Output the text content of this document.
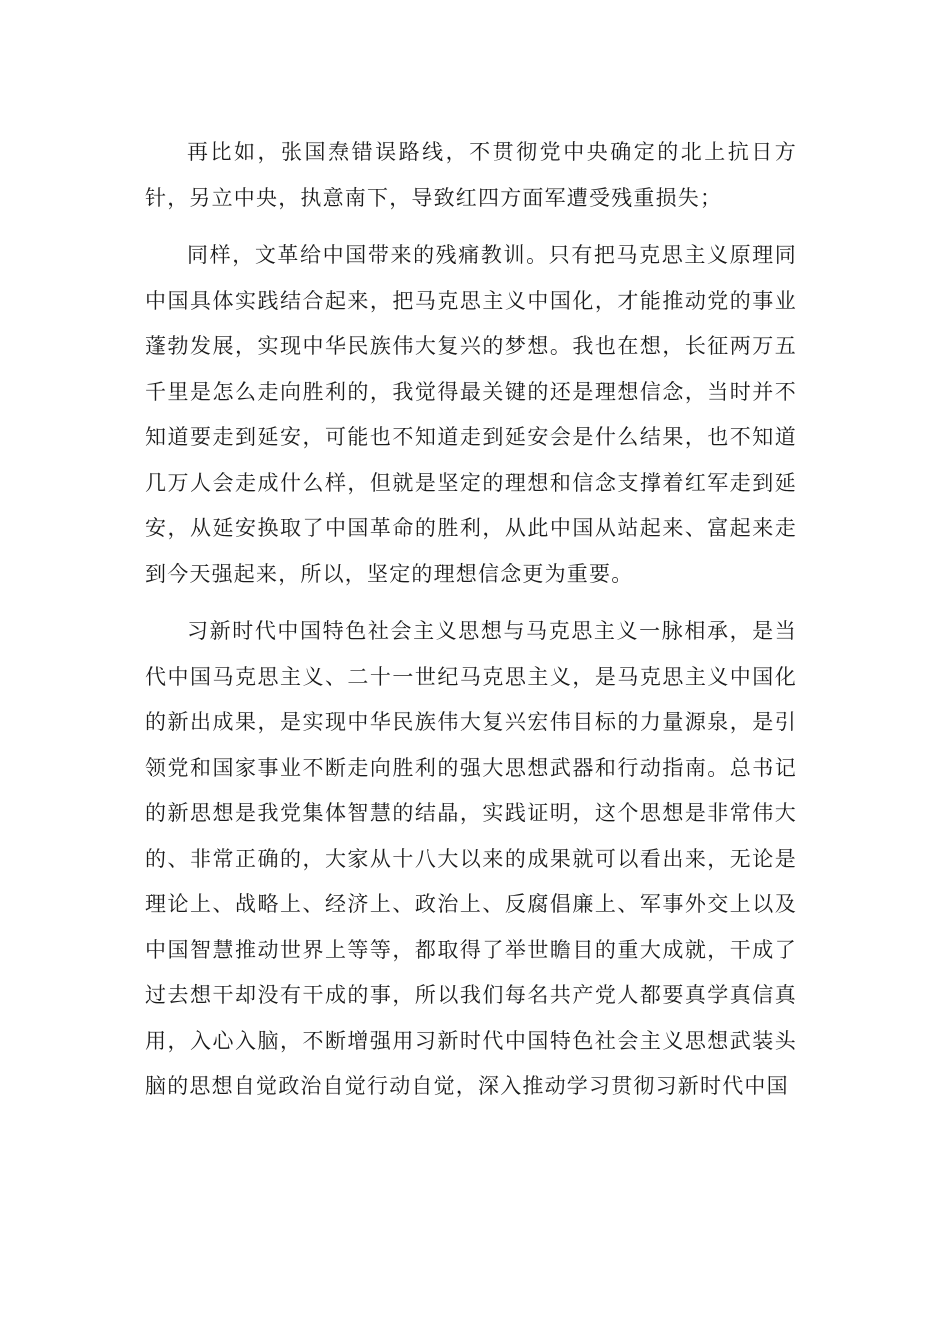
再比如，张国焘错误路线，不贯彻党中央确定的北上抗日方针，另立中央，执意南下，导致红四方面军遭受残重损失；

同样，文革给中国带来的残痛教训。只有把马克思主义原理同中国具体实践结合起来，把马克思主义中国化，才能推动党的事业蓬勃发展，实现中华民族伟大复兴的梦想。我也在想，长征两万五千里是怎么走向胜利的，我觉得最关键的还是理想信念，当时并不知道要走到延安，可能也不知道走到延安会是什么结果，也不知道几万人会走成什么样，但就是坚定的理想和信念支撑着红军走到延安，从延安换取了中国革命的胜利，从此中国从站起来、富起来走到今天强起来，所以，坚定的理想信念更为重要。

习新时代中国特色社会主义思想与马克思主义一脉相承，是当代中国马克思主义、二十一世纪马克思主义，是马克思主义中国化的新出成果，是实现中华民族伟大复兴宏伟目标的力量源泉，是引领党和国家事业不断走向胜利的强大思想武器和行动指南。总书记的新思想是我党集体智慧的结晶，实践证明，这个思想是非常伟大的、非常正确的，大家从十八大以来的成果就可以看出来，无论是理论上、战略上、经济上、政治上、反腐倡廉上、军事外交上以及中国智慧推动世界上等等，都取得了举世瞻目的重大成就，干成了过去想干却没有干成的事，所以我们每名共产党人都要真学真信真用，入心入脑，不断增强用习新时代中国特色社会主义思想武装头脑的思想自觉政治自觉行动自觉，深入推动学习贯彻习新时代中国
